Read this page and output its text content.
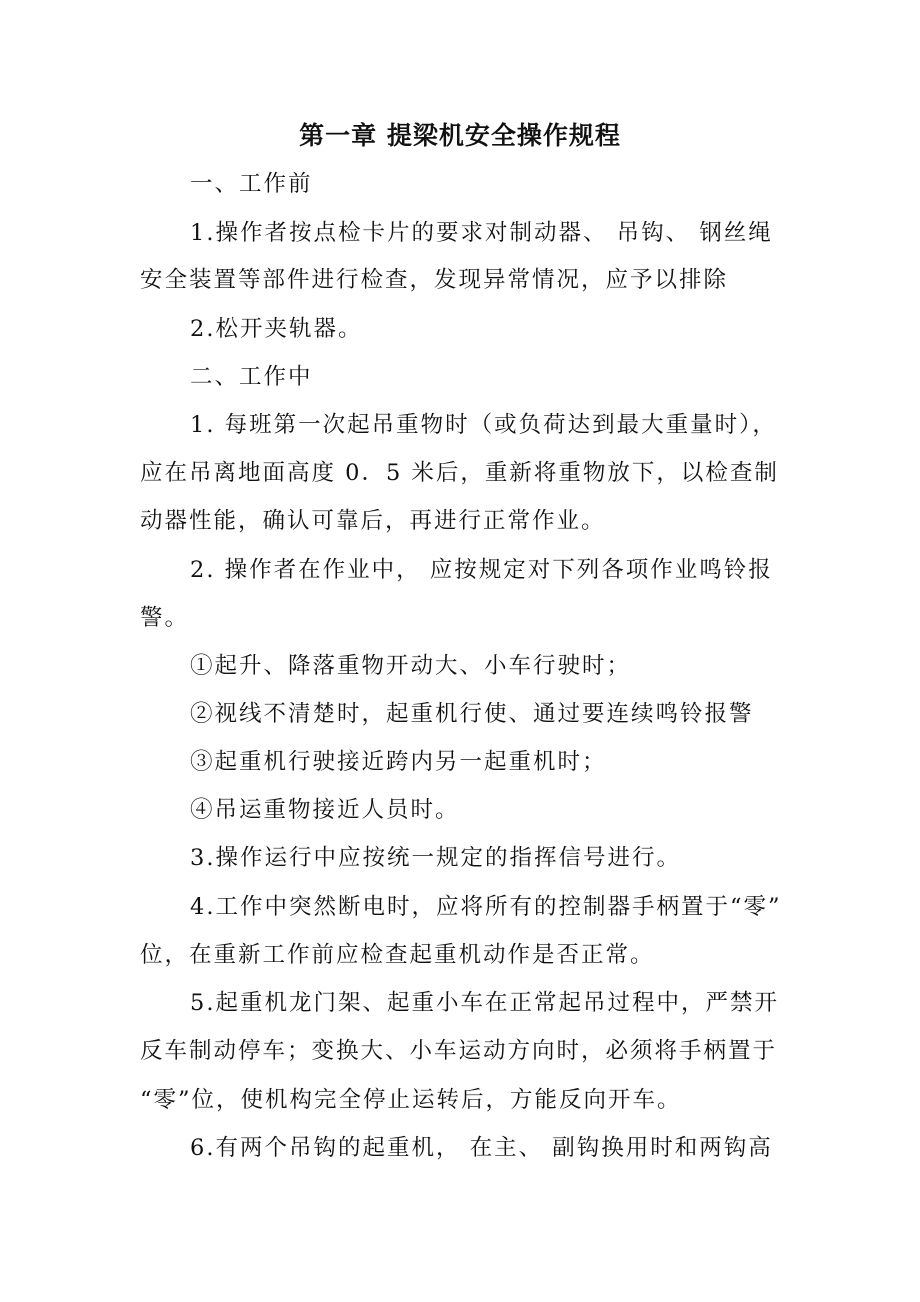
第一章 提梁机安全操作规程
一、工作前
1.操作者按点检卡片的要求对制动器、 吊钩、 钢丝绳
安全装置等部件进行检查，发现异常情况，应予以排除
2.松开夹轨器。
二、工作中
1. 每班第一次起吊重物时（或负荷达到最大重量时），
应在吊离地面高度 0．5 米后，重新将重物放下，以检查制
动器性能，确认可靠后，再进行正常作业。
2. 操作者在作业中， 应按规定对下列各项作业鸣铃报
警。
①起升、降落重物开动大、小车行驶时；
②视线不清楚时，起重机行使、通过要连续鸣铃报警
③起重机行驶接近跨内另一起重机时；
④吊运重物接近人员时。
3.操作运行中应按统一规定的指挥信号进行。
4.工作中突然断电时，应将所有的控制器手柄置于“零”
位，在重新工作前应检查起重机动作是否正常。
5.起重机龙门架、起重小车在正常起吊过程中，严禁开
反车制动停车；变换大、小车运动方向时，必须将手柄置于
“零”位，使机构完全停止运转后，方能反向开车。
6.有两个吊钩的起重机， 在主、 副钩换用时和两钩高
